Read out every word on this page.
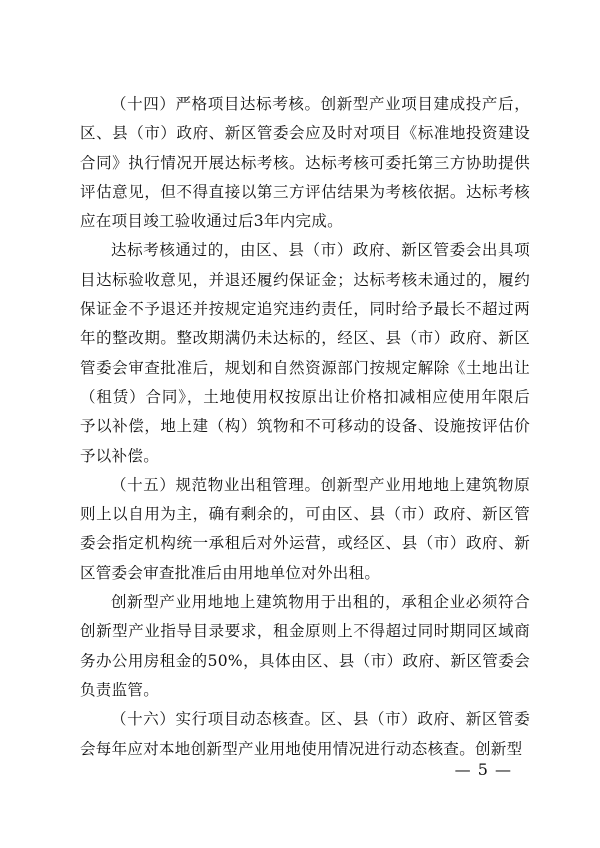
（十四）严格项目达标考核。创新型产业项目建成投产后，区、县（市）政府、新区管委会应及时对项目《标准地投资建设合同》执行情况开展达标考核。达标考核可委托第三方协助提供评估意见，但不得直接以第三方评估结果为考核依据。达标考核应在项目竣工验收通过后3年内完成。

达标考核通过的，由区、县（市）政府、新区管委会出具项目达标验收意见，并退还履约保证金；达标考核未通过的，履约保证金不予退还并按规定追究违约责任，同时给予最长不超过两年的整改期。整改期满仍未达标的，经区、县（市）政府、新区管委会审查批准后，规划和自然资源部门按规定解除《土地出让（租赁）合同》，土地使用权按原出让价格扣减相应使用年限后予以补偿，地上建（构）筑物和不可移动的设备、设施按评估价予以补偿。

（十五）规范物业出租管理。创新型产业用地地上建筑物原则上以自用为主，确有剩余的，可由区、县（市）政府、新区管委会指定机构统一承租后对外运营，或经区、县（市）政府、新区管委会审查批准后由用地单位对外出租。

创新型产业用地地上建筑物用于出租的，承租企业必须符合创新型产业指导目录要求，租金原则上不得超过同时期同区域商务办公用房租金的50%，具体由区、县（市）政府、新区管委会负责监管。

（十六）实行项目动态核查。区、县（市）政府、新区管委会每年应对本地创新型产业用地使用情况进行动态核查。创新型

— 5 —
